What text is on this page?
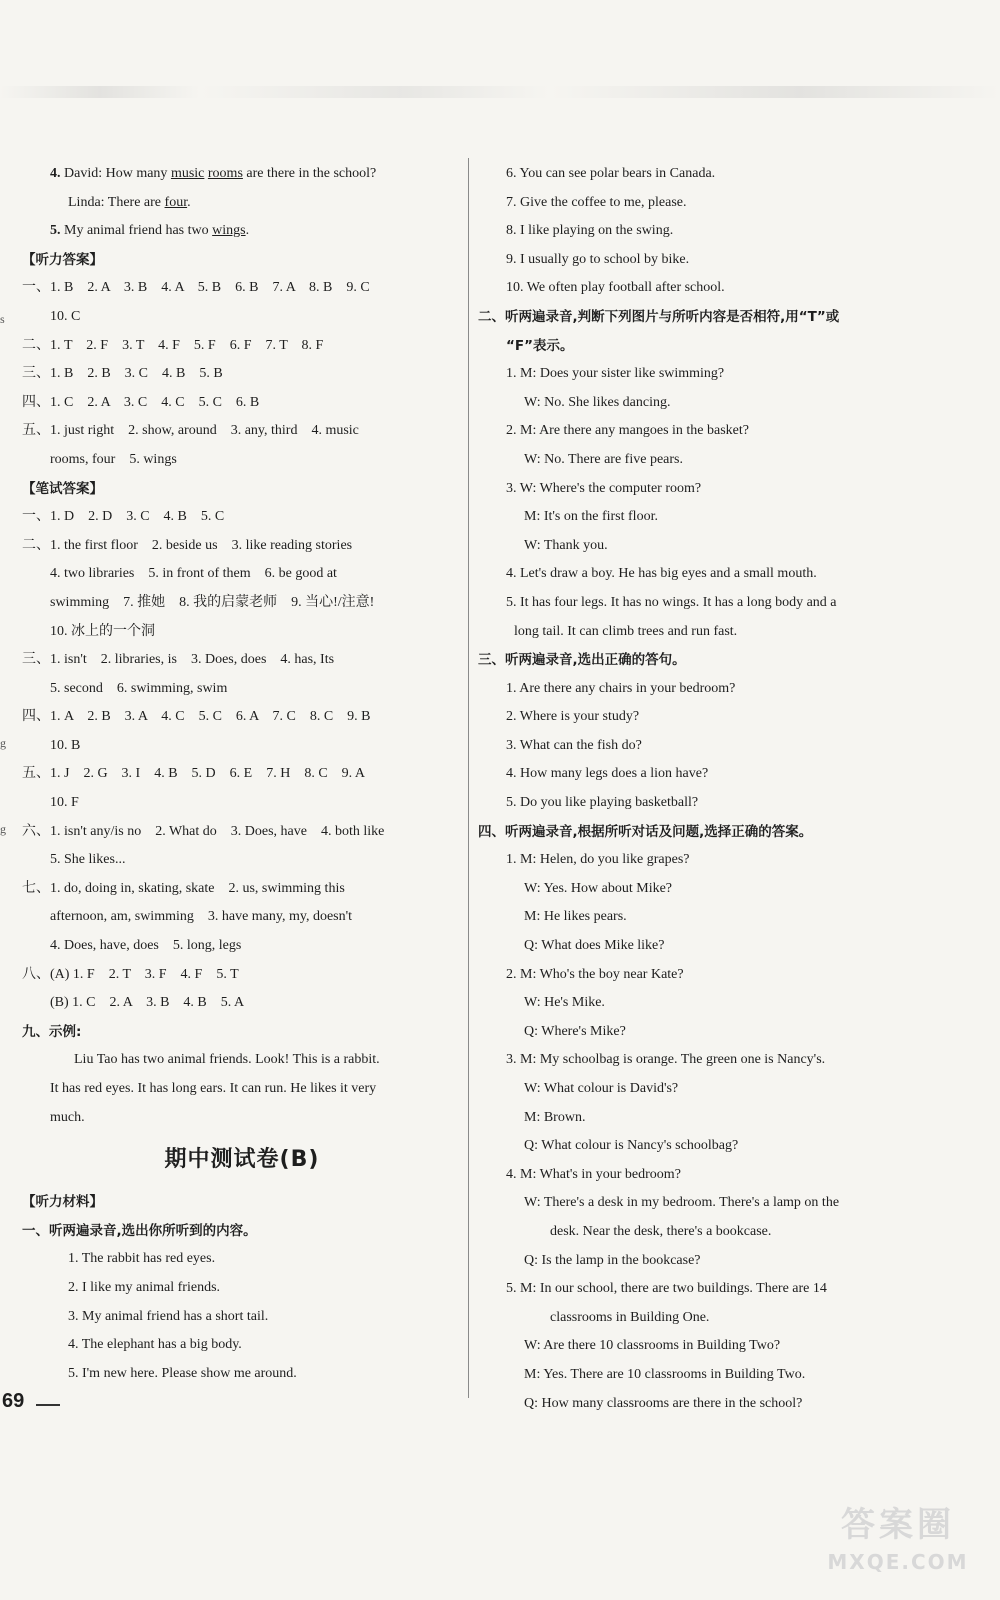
s
g
g
4. David: How many music rooms are there in the school?
Linda: There are four.
5. My animal friend has two wings.
【听力答案】
一、1. B　2. A　3. B　4. A　5. B　6. B　7. A　8. B　9. C
10. C
二、1. T　2. F　3. T　4. F　5. F　6. F　7. T　8. F
三、1. B　2. B　3. C　4. B　5. B
四、1. C　2. A　3. C　4. C　5. C　6. B
五、1. just right　2. show, around　3. any, third　4. music
rooms, four　5. wings
【笔试答案】
一、1. D　2. D　3. C　4. B　5. C
二、1. the first floor　2. beside us　3. like reading stories
4. two libraries　5. in front of them　6. be good at
swimming　7. 推她　8. 我的启蒙老师　9. 当心!/注意!
10. 冰上的一个洞
三、1. isn't　2. libraries, is　3. Does, does　4. has, Its
5. second　6. swimming, swim
四、1. A　2. B　3. A　4. C　5. C　6. A　7. C　8. C　9. B
10. B
五、1. J　2. G　3. I　4. B　5. D　6. E　7. H　8. C　9. A
10. F
六、1. isn't any/is no　2. What do　3. Does, have　4. both like
5. She likes...
七、1. do, doing in, skating, skate　2. us, swimming this
afternoon, am, swimming　3. have many, my, doesn't
4. Does, have, does　5. long, legs
八、(A) 1. F　2. T　3. F　4. F　5. T
(B) 1. C　2. A　3. B　4. B　5. A
九、示例:
Liu Tao has two animal friends. Look! This is a rabbit.
It has red eyes. It has long ears. It can run. He likes it very
much.
期中测试卷(B)
【听力材料】
一、听两遍录音,选出你所听到的内容。
1. The rabbit has red eyes.
2. I like my animal friends.
3. My animal friend has a short tail.
4. The elephant has a big body.
5. I'm new here. Please show me around.
6. You can see polar bears in Canada.
7. Give the coffee to me, please.
8. I like playing on the swing.
9. I usually go to school by bike.
10. We often play football after school.
二、听两遍录音,判断下列图片与所听内容是否相符,用“T”或
“F”表示。
1. M: Does your sister like swimming?
W: No. She likes dancing.
2. M: Are there any mangoes in the basket?
W: No. There are five pears.
3. W: Where's the computer room?
M: It's on the first floor.
W: Thank you.
4. Let's draw a boy. He has big eyes and a small mouth.
5. It has four legs. It has no wings. It has a long body and a
long tail. It can climb trees and run fast.
三、听两遍录音,选出正确的答句。
1. Are there any chairs in your bedroom?
2. Where is your study?
3. What can the fish do?
4. How many legs does a lion have?
5. Do you like playing basketball?
四、听两遍录音,根据所听对话及问题,选择正确的答案。
1. M: Helen, do you like grapes?
W: Yes. How about Mike?
M: He likes pears.
Q: What does Mike like?
2. M: Who's the boy near Kate?
W: He's Mike.
Q: Where's Mike?
3. M: My schoolbag is orange. The green one is Nancy's.
W: What colour is David's?
M: Brown.
Q: What colour is Nancy's schoolbag?
4. M: What's in your bedroom?
W: There's a desk in my bedroom. There's a lamp on the
desk. Near the desk, there's a bookcase.
Q: Is the lamp in the bookcase?
5. M: In our school, there are two buildings. There are 14
classrooms in Building One.
W: Are there 10 classrooms in Building Two?
M: Yes. There are 10 classrooms in Building Two.
Q: How many classrooms are there in the school?
69
答案圈
MXQE.COM
